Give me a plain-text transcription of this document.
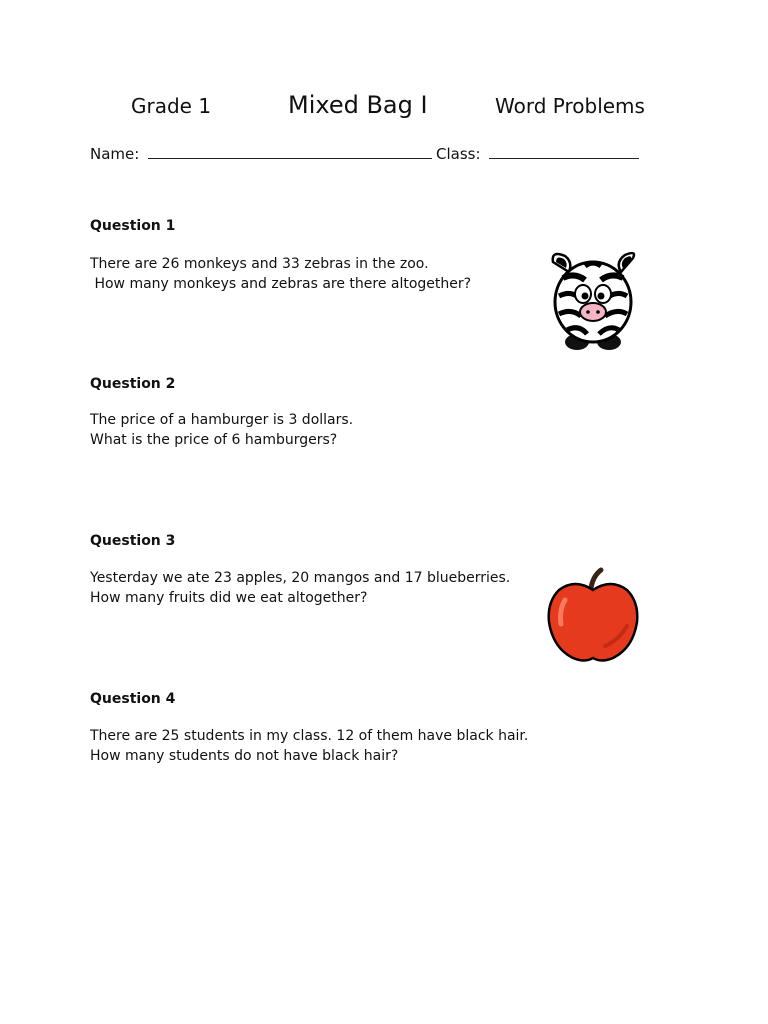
Grade 1	Mixed Bag I	Word Problems
Name:	Class:
Question 1
There are 26 monkeys and 33 zebras in the zoo.
How many monkeys and zebras are there altogether?
Question 2
The price of a hamburger is 3 dollars.
What is the price of 6 hamburgers?
Question 3
Yesterday we ate 23 apples, 20 mangos and 17 blueberries.
How many fruits did we eat altogether?
Question 4
There are 25 students in my class. 12 of them have black hair.
How many students do not have black hair?
